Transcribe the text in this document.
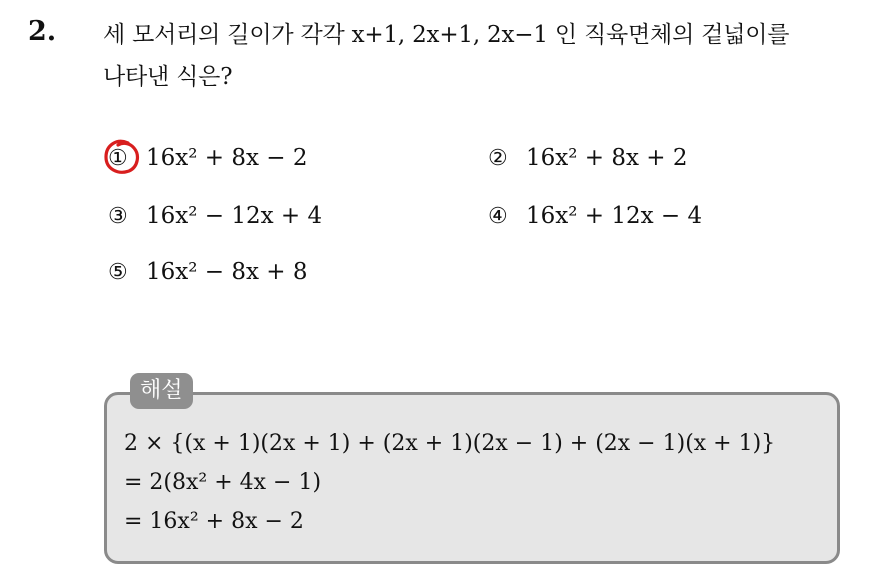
2. 세 모서리의 길이가 각각 x+1, 2x+1, 2x−1 인 직육면체의 겉넓이를
나타낸 식은?
① 16x² + 8x − 2	② 16x² + 8x + 2
③ 16x² − 12x + 4	④ 16x² + 12x − 4
⑤ 16x² − 8x + 8
해설
2 × {(x + 1)(2x + 1) + (2x + 1)(2x − 1) + (2x − 1)(x + 1)}
= 2(8x² + 4x − 1)
= 16x² + 8x − 2
